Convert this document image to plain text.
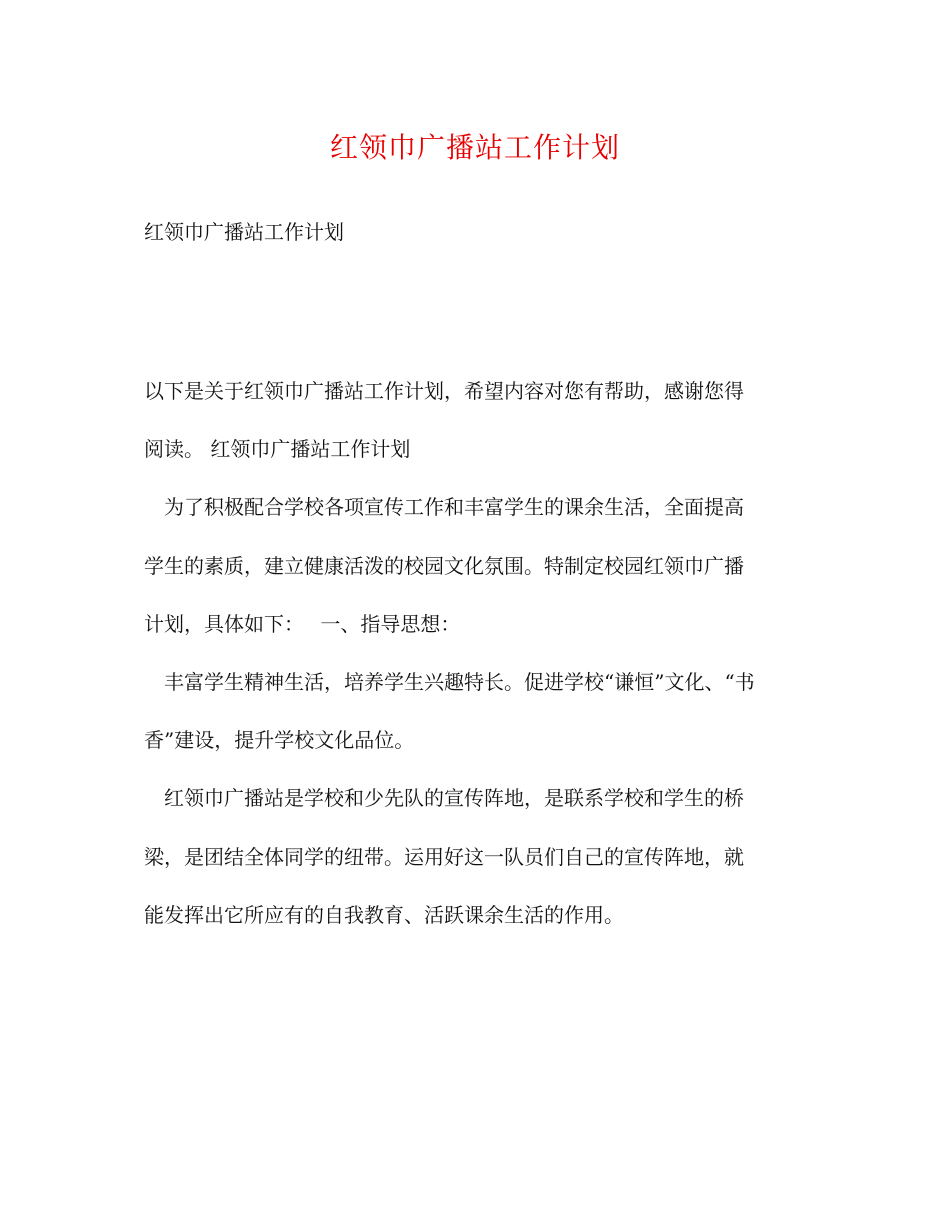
红领巾广播站工作计划

红领巾广播站工作计划

以下是关于红领巾广播站工作计划，希望内容对您有帮助，感谢您得
阅读。 红领巾广播站工作计划
　为了积极配合学校各项宣传工作和丰富学生的课余生活，全面提高
学生的素质，建立健康活泼的校园文化氛围。特制定校园红领巾广播
计划，具体如下：　 一、指导思想：
　丰富学生精神生活，培养学生兴趣特长。促进学校“谦恒”文化、“书
香”建设，提升学校文化品位。
　红领巾广播站是学校和少先队的宣传阵地，是联系学校和学生的桥
梁，是团结全体同学的纽带。运用好这一队员们自己的宣传阵地，就
能发挥出它所应有的自我教育、活跃课余生活的作用。
